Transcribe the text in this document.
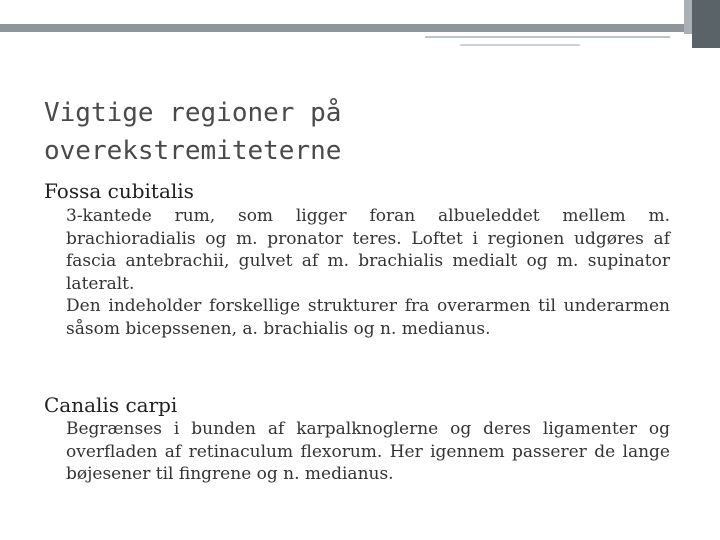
Vigtige regioner på
overekstremiteterne
Fossa cubitalis

3-kantede rum, som ligger foran albueleddet mellem m. brachioradialis og m. pronator teres. Loftet i regionen udgøres af fascia antebrachii, gulvet af m. brachialis medialt og m. supinator lateralt.

Den indeholder forskellige strukturer fra overarmen til underarmen såsom bicepssenen, a. brachialis og n. medianus.

Canalis carpi

Begrænses i bunden af karpalknoglerne og deres ligamenter og overfladen af retinaculum flexorum. Her igennem passerer de lange bøjesener til fingrene og n. medianus.
